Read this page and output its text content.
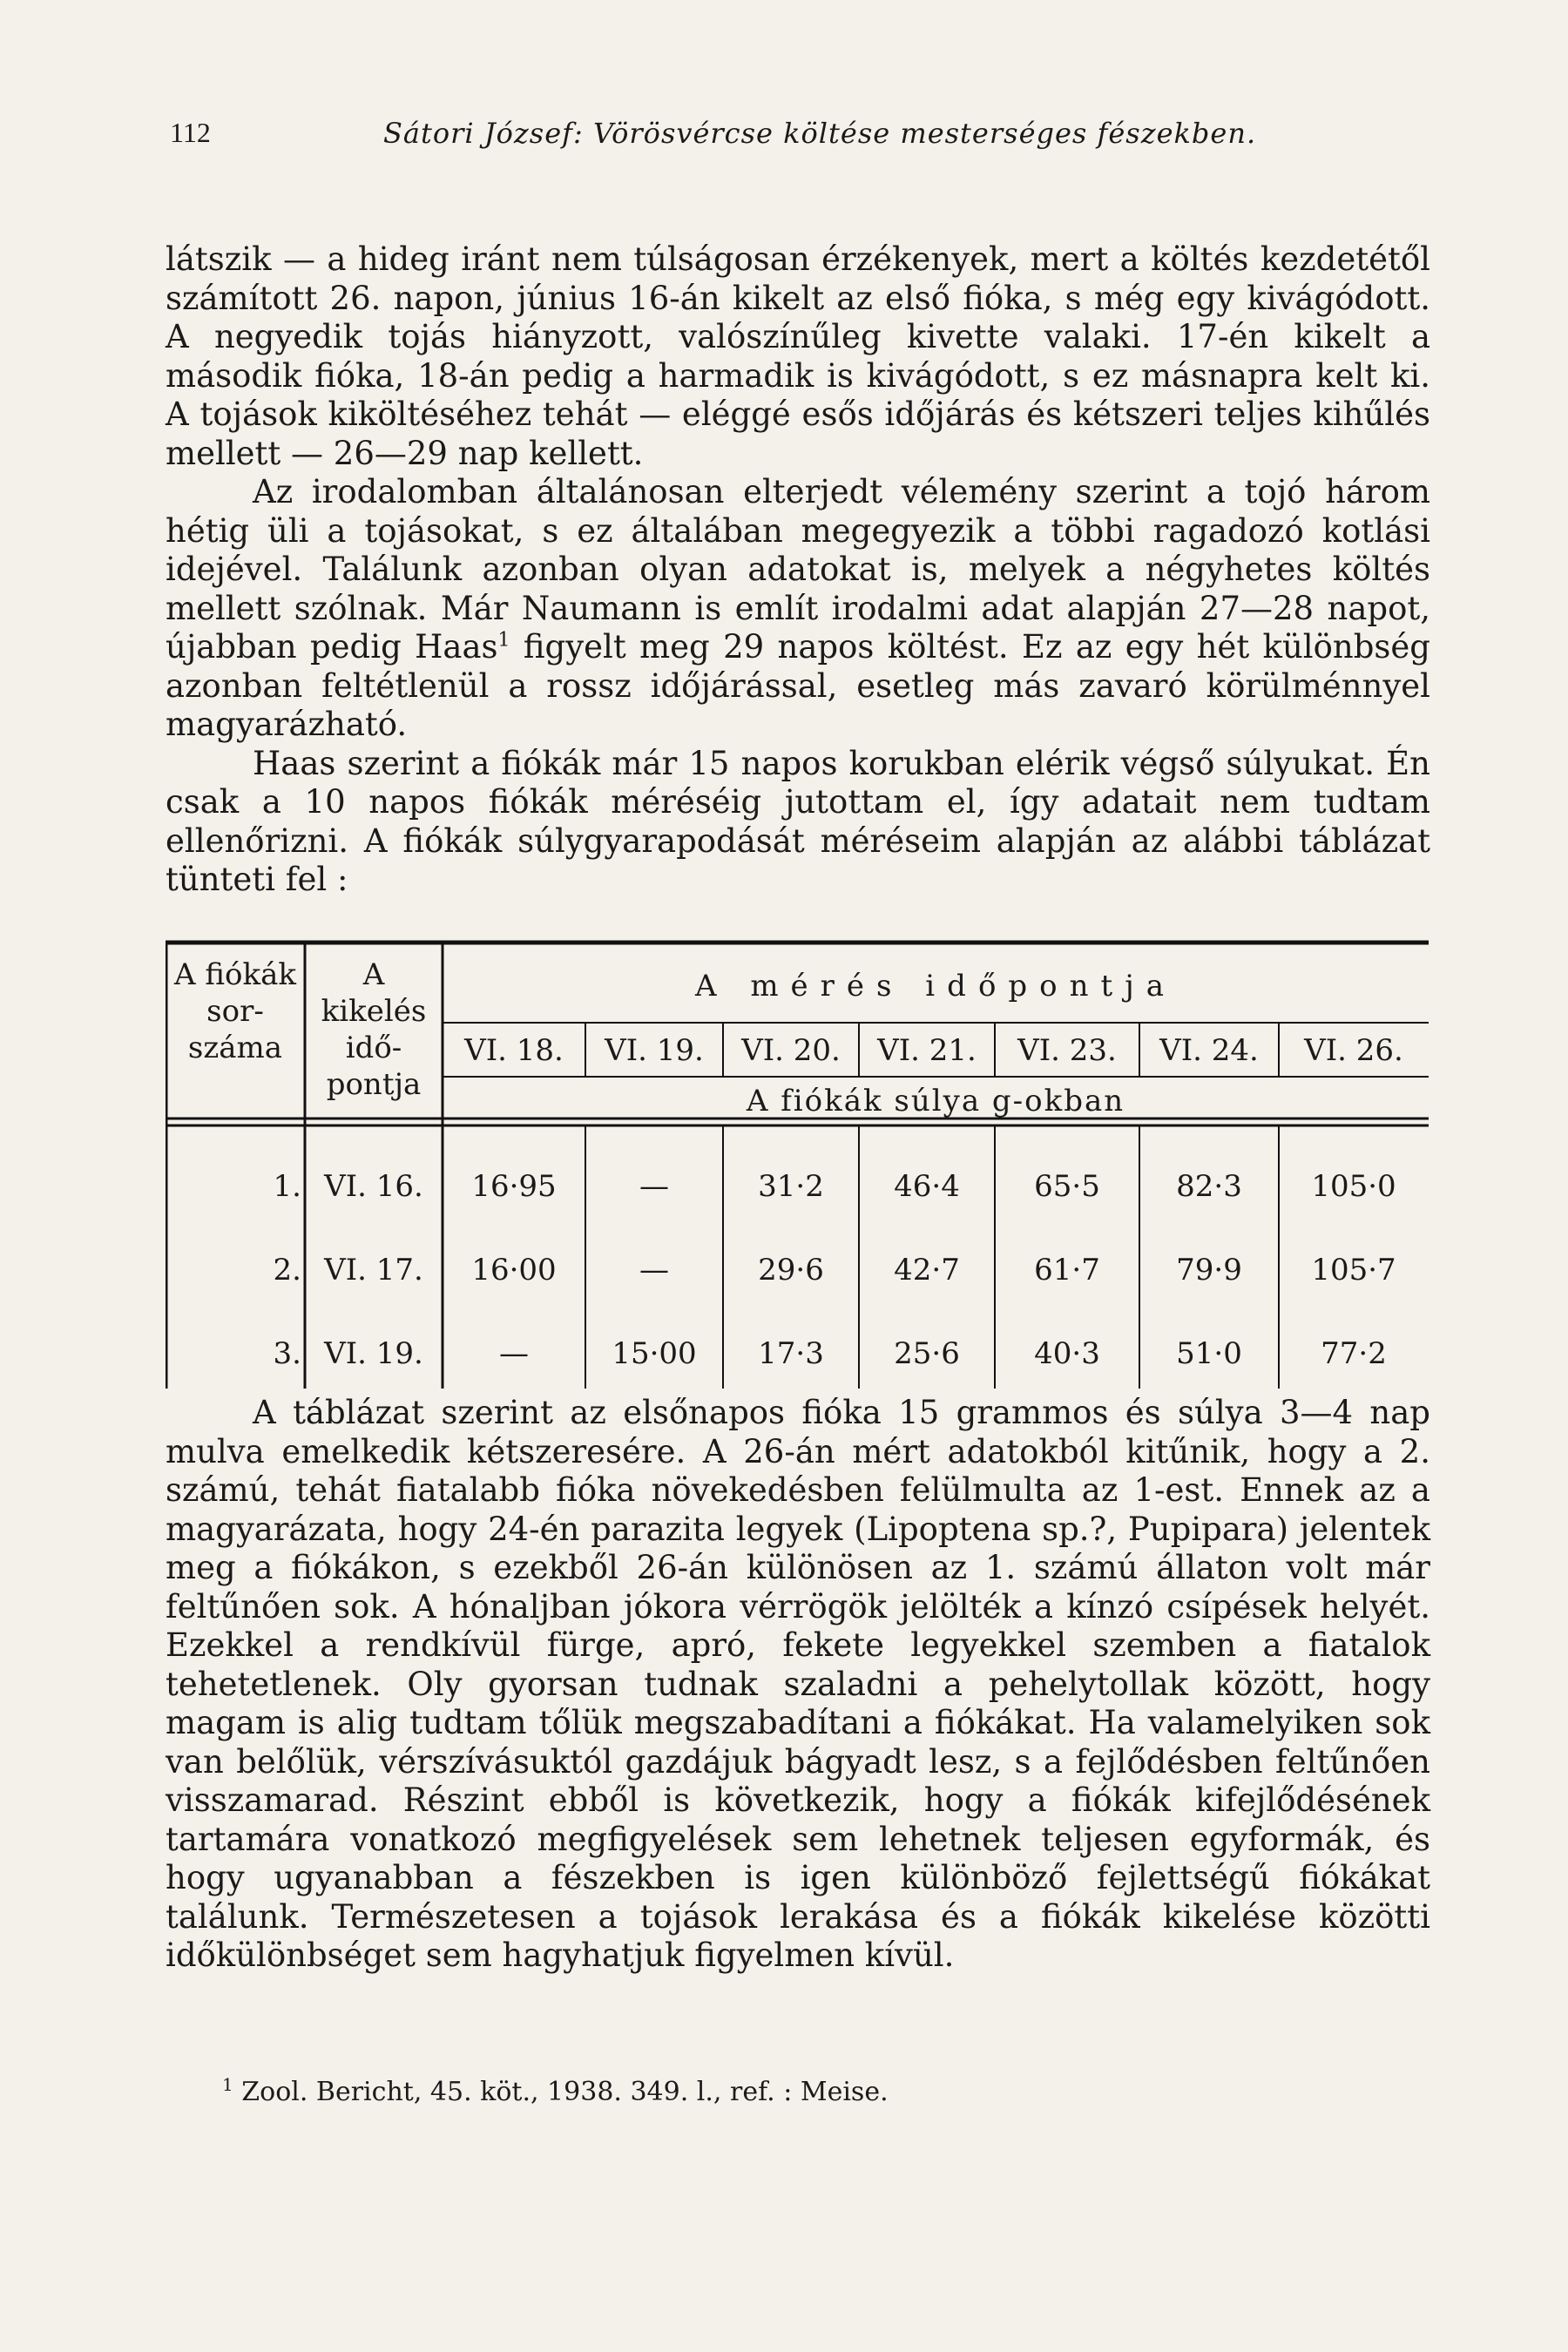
112	Sátori József: Vörösvércse költése mesterséges fészekben.

látszik — a hideg iránt nem túlságosan érzékenyek, mert a költés kezdetétől számított 26. napon, június 16-án kikelt az első fióka, s még egy kivágódott. A negyedik tojás hiányzott, valószínűleg kivette valaki. 17-én kikelt a második fióka, 18-án pedig a harmadik is kivágódott, s ez másnapra kelt ki. A tojások kiköltéséhez tehát — eléggé esős időjárás és kétszeri teljes kihűlés mellett — 26—29 nap kellett.

Az irodalomban általánosan elterjedt vélemény szerint a tojó három hétig üli a tojásokat, s ez általában megegyezik a többi ragadozó kotlási idejével. Találunk azonban olyan adatokat is, melyek a négyhetes költés mellett szólnak. Már Naumann is említ irodalmi adat alapján 27—28 napot, újabban pedig Haas$^1$ figyelt meg 29 napos költést. Ez az egy hét különbség azonban feltétlenül a rossz időjárással, esetleg más zavaró körülménnyel magyarázható.

Haas szerint a fiókák már 15 napos korukban elérik végső súlyukat. Én csak a 10 napos fiókák méréséig jutottam el, így adatait nem tudtam ellenőrizni. A fiókák súlygyarapodását méréseim alapján az alábbi táblázat tünteti fel :

A fiókák sor-száma
A kikelés idő-pontja
A mérés időpontja
VI. 18.	VI. 19.	VI. 20.	VI. 21.	VI. 23.	VI. 24.	VI. 26.
A fiókák súlya g-okban
1. VI. 16.	16·95	—	31·2	46·4	65·5	82·3	105·0
2. VI. 17.	16·00	—	29·6	42·7	61·7	79·9	105·7
3. VI. 19.	—	15·00	17·3	25·6	40·3	51·0	77·2

A táblázat szerint az elsőnapos fióka 15 grammos és súlya 3—4 nap mulva emelkedik kétszeresére. A 26-án mért adatokból kitűnik, hogy a 2. számú, tehát fiatalabb fióka növekedésben felülmulta az 1-est. Ennek az a magyarázata, hogy 24-én parazita legyek (Lipoptena sp.?, Pupipara) jelentek meg a fiókákon, s ezekből 26-án különösen az 1. számú állaton volt már feltűnően sok. A hónaljban jókora vérrögök jelölték a kínzó csípések helyét. Ezekkel a rendkívül fürge, apró, fekete legyekkel szemben a fiatalok tehetetlenek. Oly gyorsan tudnak szaladni a pehelytollak között, hogy magam is alig tudtam tőlük megszabadítani a fiókákat. Ha valamelyiken sok van belőlük, vérszívásuktól gazdájuk bágyadt lesz, s a fejlődésben feltűnően visszamarad. Részint ebből is következik, hogy a fiókák kifejlődésének tartamára vonatkozó megfigyelések sem lehetnek teljesen egyformák, és hogy ugyanabban a fészekben is igen különböző fejlettségű fiókákat találunk. Természetesen a tojások lerakása és a fiókák kikelése közötti időkülönbséget sem hagyhatjuk figyelmen kívül.

$^1$ Zool. Bericht, 45. köt., 1938. 349. l., ref. : Meise.
